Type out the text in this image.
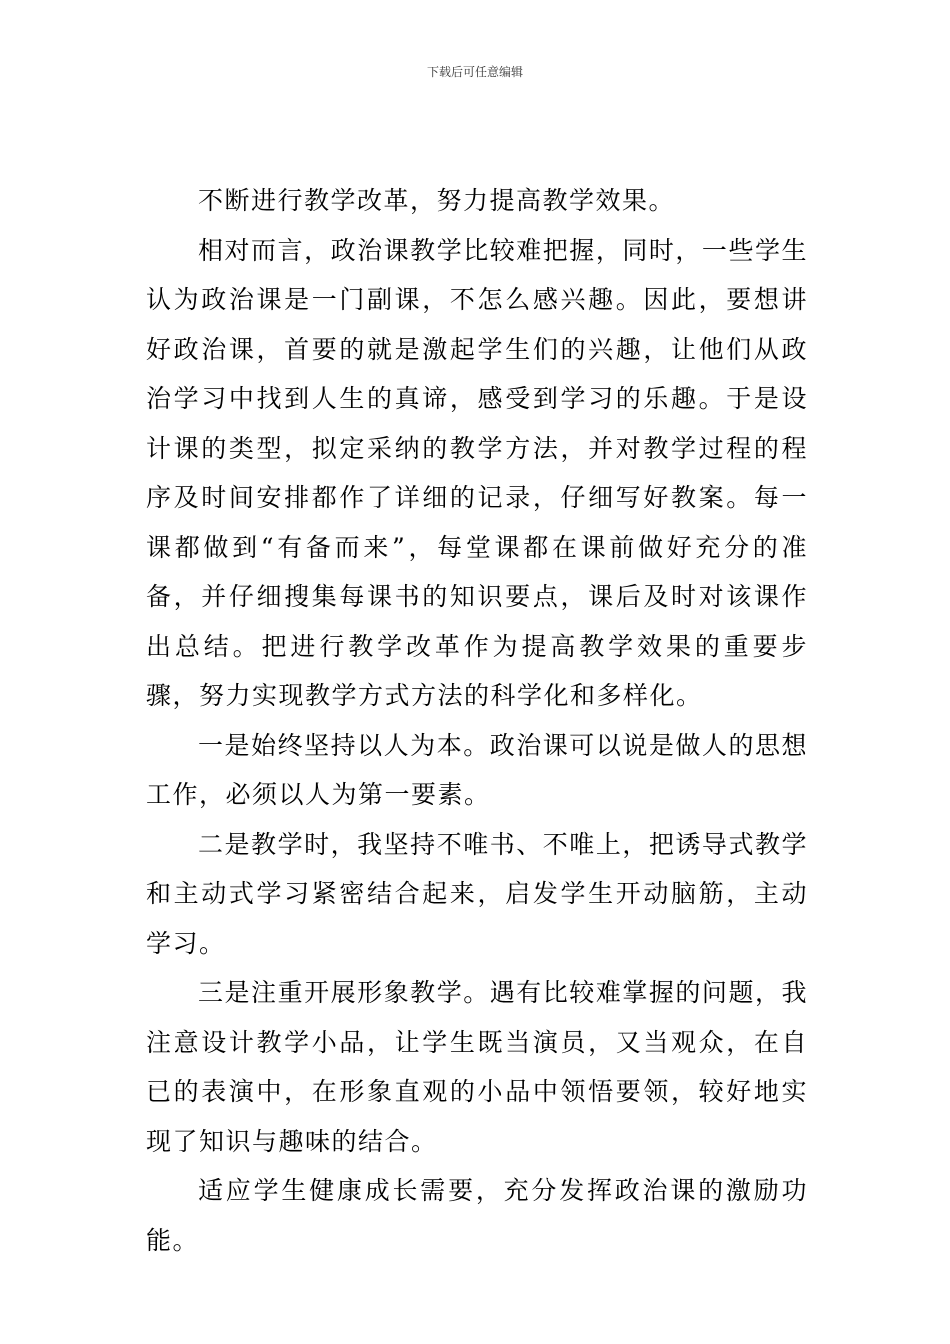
下载后可任意编辑

不断进行教学改革，努力提高教学效果。

相对而言，政治课教学比较难把握，同时，一些学生认为政治课是一门副课，不怎么感兴趣。因此，要想讲好政治课，首要的就是激起学生们的兴趣，让他们从政治学习中找到人生的真谛，感受到学习的乐趣。于是设计课的类型，拟定采纳的教学方法，并对教学过程的程序及时间安排都作了详细的记录，仔细写好教案。每一课都做到“有备而来”，每堂课都在课前做好充分的准备，并仔细搜集每课书的知识要点，课后及时对该课作出总结。把进行教学改革作为提高教学效果的重要步骤，努力实现教学方式方法的科学化和多样化。

一是始终坚持以人为本。政治课可以说是做人的思想工作，必须以人为第一要素。

二是教学时，我坚持不唯书、不唯上，把诱导式教学和主动式学习紧密结合起来，启发学生开动脑筋，主动学习。

三是注重开展形象教学。遇有比较难掌握的问题，我注意设计教学小品，让学生既当演员，又当观众，在自已的表演中，在形象直观的小品中领悟要领，较好地实现了知识与趣味的结合。

适应学生健康成长需要，充分发挥政治课的激励功能。
